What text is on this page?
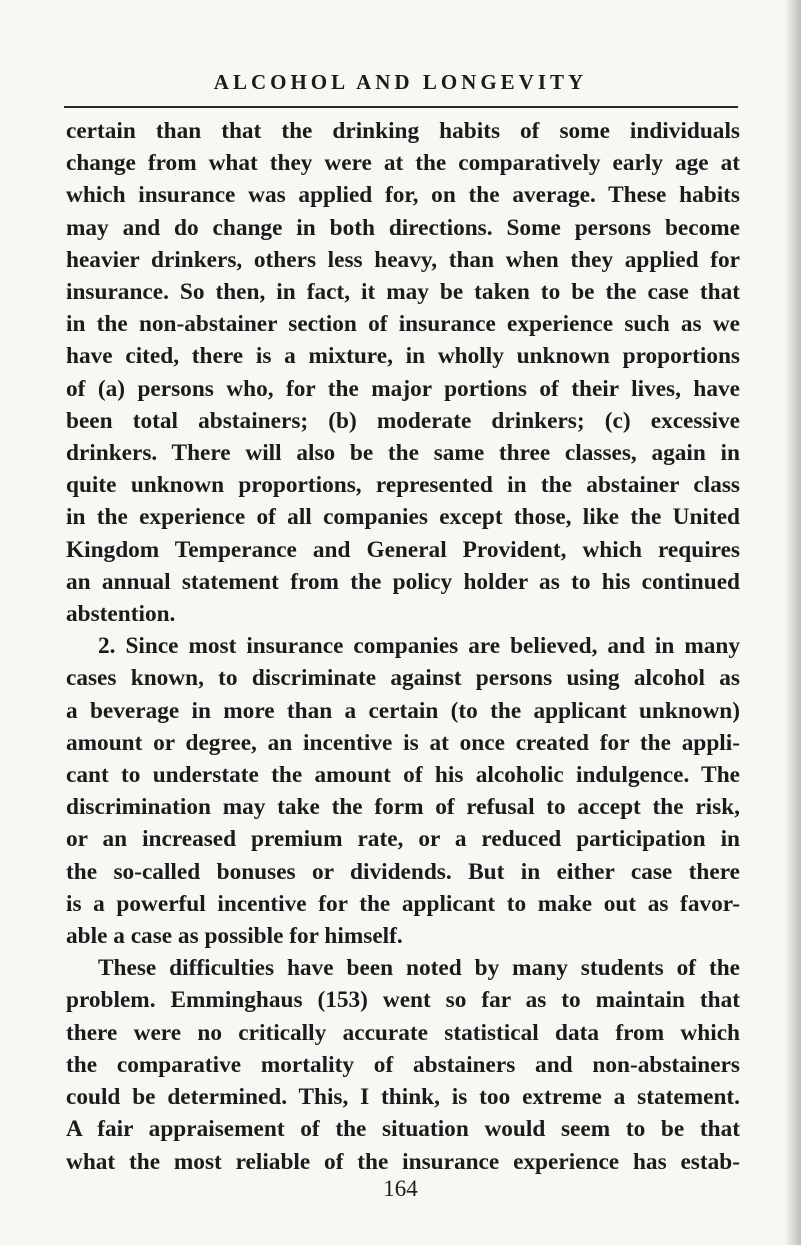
ALCOHOL AND LONGEVITY
certain than that the drinking habits of some individuals
change from what they were at the comparatively early age at
which insurance was applied for, on the average. These habits
may and do change in both directions. Some persons become
heavier drinkers, others less heavy, than when they applied for
insurance. So then, in fact, it may be taken to be the case that
in the non-abstainer section of insurance experience such as we
have cited, there is a mixture, in wholly unknown proportions
of (a) persons who, for the major portions of their lives, have
been total abstainers; (b) moderate drinkers; (c) excessive
drinkers. There will also be the same three classes, again in
quite unknown proportions, represented in the abstainer class
in the experience of all companies except those, like the United
Kingdom Temperance and General Provident, which requires
an annual statement from the policy holder as to his continued
abstention.
2. Since most insurance companies are believed, and in many
cases known, to discriminate against persons using alcohol as
a beverage in more than a certain (to the applicant unknown)
amount or degree, an incentive is at once created for the appli-
cant to understate the amount of his alcoholic indulgence. The
discrimination may take the form of refusal to accept the risk,
or an increased premium rate, or a reduced participation in
the so-called bonuses or dividends. But in either case there
is a powerful incentive for the applicant to make out as favor-
able a case as possible for himself.
These difficulties have been noted by many students of the
problem. Emminghaus (153) went so far as to maintain that
there were no critically accurate statistical data from which
the comparative mortality of abstainers and non-abstainers
could be determined. This, I think, is too extreme a statement.
A fair appraisement of the situation would seem to be that
what the most reliable of the insurance experience has estab-
164
